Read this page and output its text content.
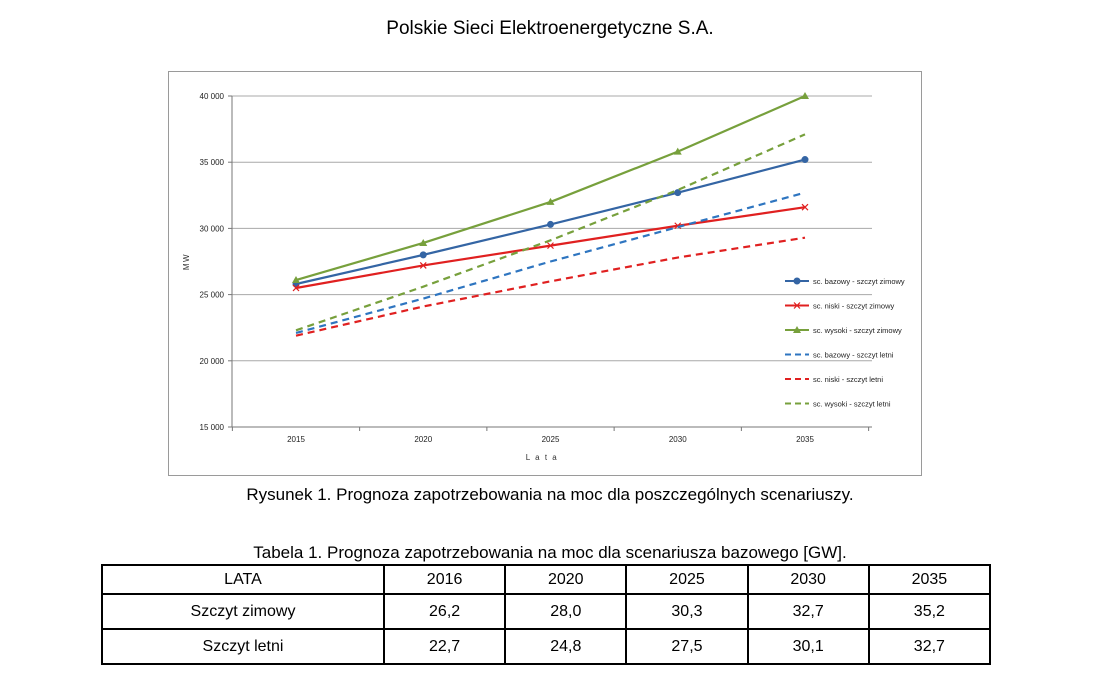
Polskie Sieci Elektroenergetyczne S.A.
15 000
20 000
25 000
30 000
35 000
40 000
2015	2020	2025	2030	2035
L a t a
MW
sc. bazowy - szczyt zimowy
sc. niski - szczyt zimowy
sc. wysoki - szczyt zimowy
sc. bazowy - szczyt letni
sc. niski - szczyt letni
sc. wysoki - szczyt letni
Rysunek 1. Prognoza zapotrzebowania na moc dla poszczególnych scenariuszy.
Tabela 1. Prognoza zapotrzebowania na moc dla scenariusza bazowego [GW].
LATA	2016	2020	2025	2030	2035
Szczyt zimowy	26,2	28,0	30,3	32,7	35,2
Szczyt letni	22,7	24,8	27,5	30,1	32,7
